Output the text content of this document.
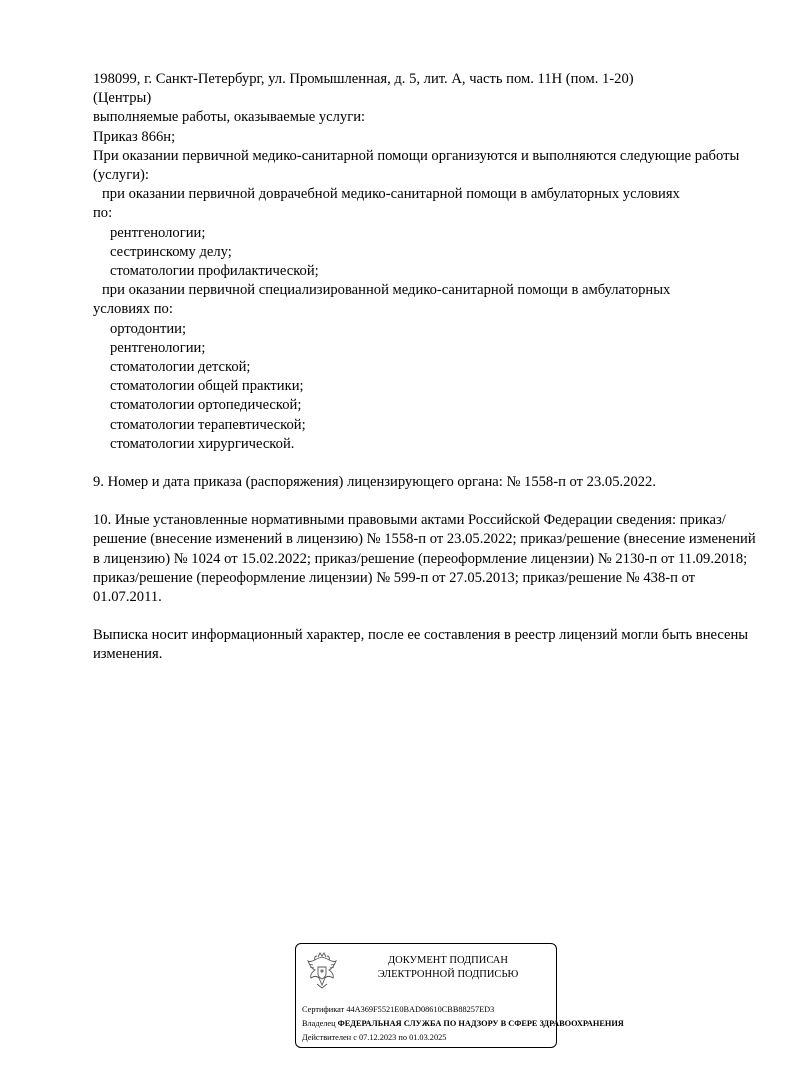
198099, г. Санкт-Петербург, ул. Промышленная, д. 5, лит. А, часть пом. 11Н (пом. 1-20)

(Центры)

выполняемые работы, оказываемые услуги:

Приказ 866н;

При оказании первичной медико-санитарной помощи организуются и выполняются следующие работы (услуги):

при оказании первичной доврачебной медико-санитарной помощи в амбулаторных условиях

по:

рентгенологии;

сестринскому делу;

стоматологии профилактической;

при оказании первичной специализированной медико-санитарной помощи в амбулаторных

условиях по:

ортодонтии;

рентгенологии;

стоматологии детской;

стоматологии общей практики;

стоматологии ортопедической;

стоматологии терапевтической;

стоматологии хирургической.

9. Номер и дата приказа (распоряжения) лицензирующего органа: № 1558-п от 23.05.2022.

10. Иные установленные нормативными правовыми актами Российской Федерации сведения: приказ/решение (внесение изменений в лицензию) № 1558-п от 23.05.2022; приказ/решение (внесение изменений в лицензию) № 1024 от 15.02.2022; приказ/решение (переоформление лицензии) № 2130-п от 11.09.2018; приказ/решение (переоформление лицензии) № 599-п от 27.05.2013; приказ/решение № 438-п от 01.07.2011.

Выписка носит информационный характер, после ее составления в реестр лицензий могли быть внесены изменения.

ДОКУМЕНТ ПОДПИСАН
ЭЛЕКТРОННОЙ ПОДПИСЬЮ
Сертификат 44A369F5521E0BAD08610CBB88257ED3
Владелец ФЕДЕРАЛЬНАЯ СЛУЖБА ПО НАДЗОРУ В СФЕРЕ ЗДРАВООХРАНЕНИЯ
Действителен с 07.12.2023 по 01.03.2025
